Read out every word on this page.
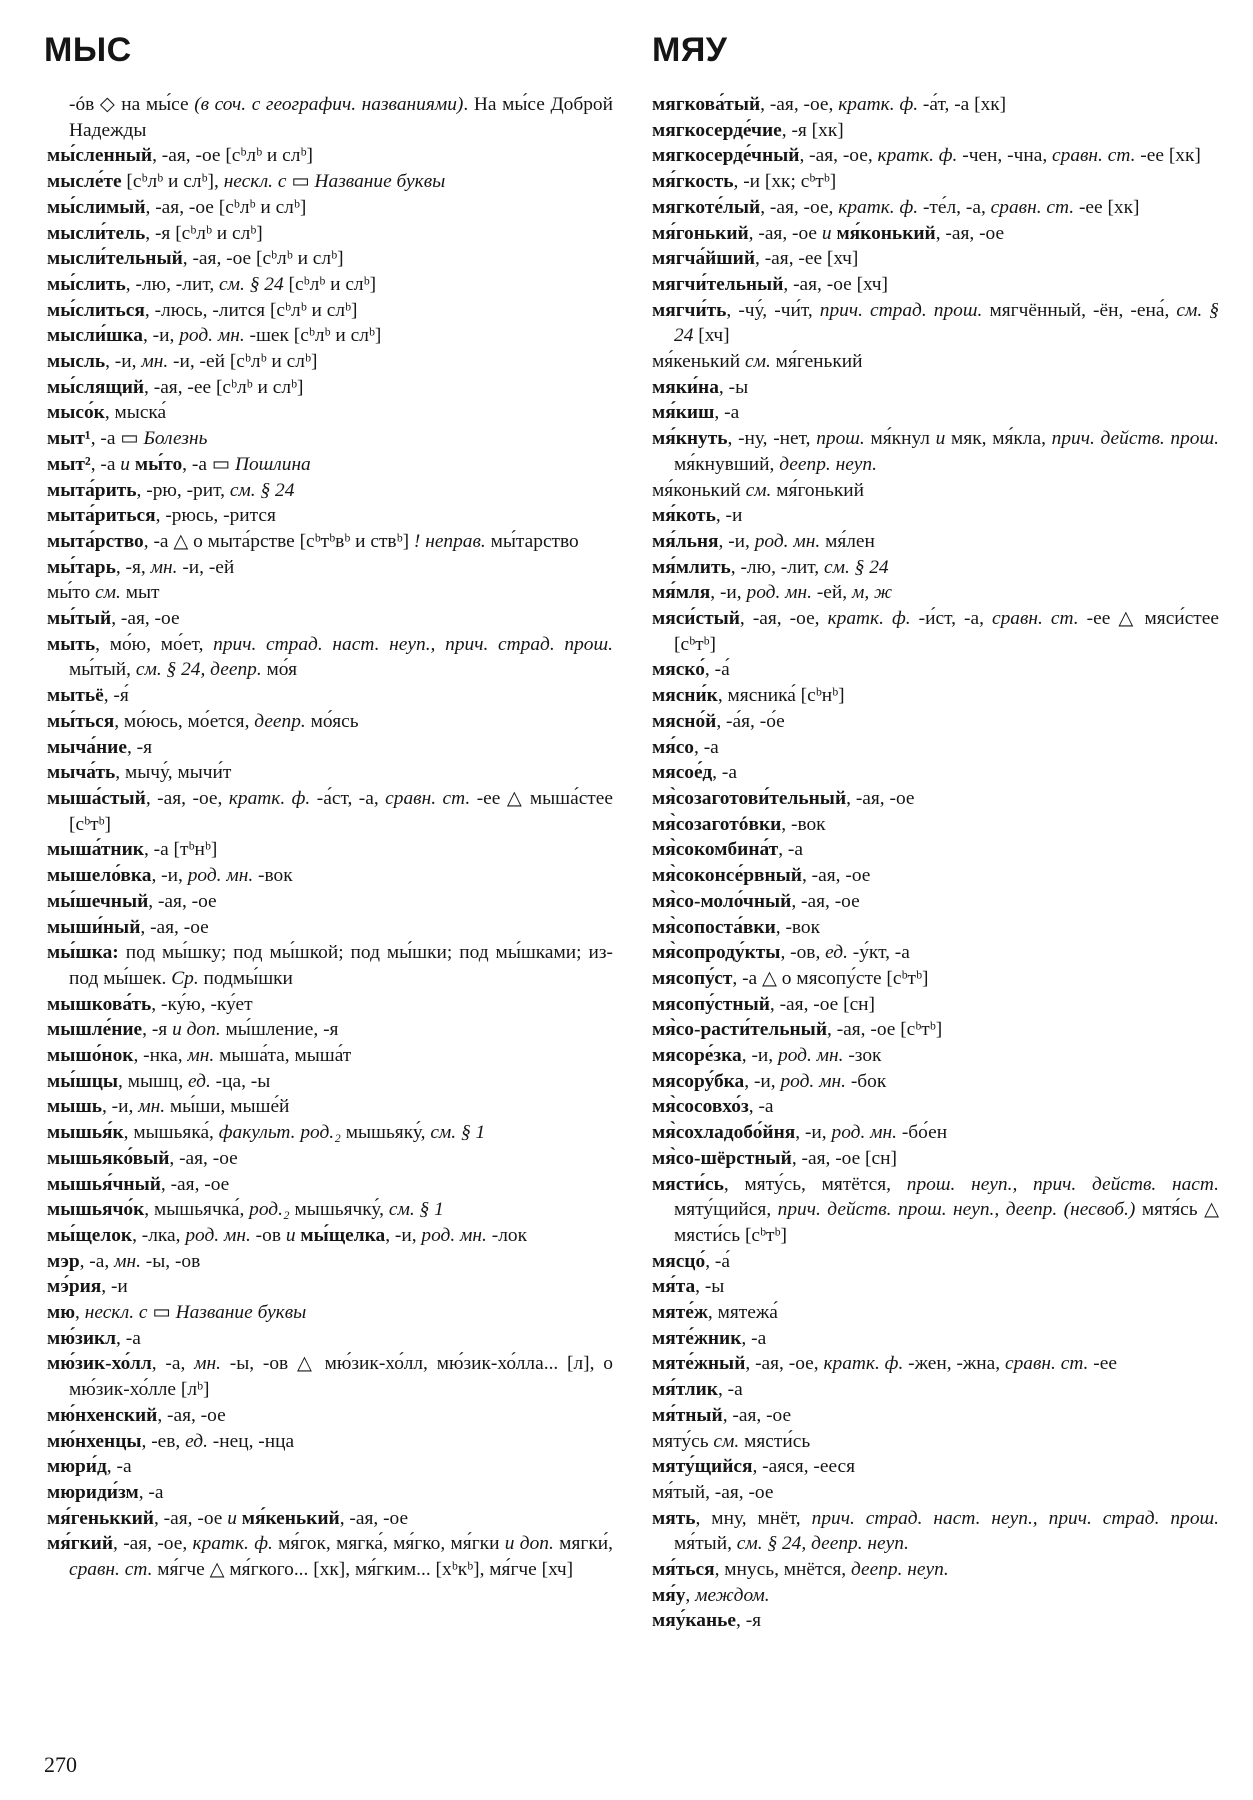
МЫС	МЯУ

-óв ◇ на мы́се (в соч. с географич. названиями). На мы́се Доброй Надежды

мы́сленный, -ая, -ое [сᵇлᵇ и слᵇ]

мысле́те [сᵇлᵇ и слᵇ], нескл. с ▭ Название буквы

мы́слимый, -ая, -ое [сᵇлᵇ и слᵇ]

мысли́тель, -я [сᵇлᵇ и слᵇ]

мысли́тельный, -ая, -ое [сᵇлᵇ и слᵇ]

мы́слить, -лю, -лит, см. § 24 [сᵇлᵇ и слᵇ]

мы́слиться, -люсь, -лится [сᵇлᵇ и слᵇ]

мысли́шка, -и, род. мн. -шек [сᵇлᵇ и слᵇ]

мысль, -и, мн. -и, -ей [сᵇлᵇ и слᵇ]

мы́слящий, -ая, -ее [сᵇлᵇ и слᵇ]

мысо́к, мыска́

мыт¹, -а ▭ Болезнь

мыт², -а и мы́то, -а ▭ Пошлина

мыта́рить, -рю, -рит, см. § 24

мыта́риться, -рюсь, -рится

мыта́рство, -а △ о мыта́рстве [сᵇтᵇвᵇ и ствᵇ] ! неправ. мы́тарство

мы́тарь, -я, мн. -и, -ей

мы́то см. мыт

мы́тый, -ая, -ое

мыть, мо́ю, мо́ет, прич. страд. наст. неуп., прич. страд. прош. мы́тый, см. § 24, деепр. мо́я

мытьё, -я́

мы́ться, мо́юсь, мо́ется, деепр. мо́ясь

мыча́ние, -я

мыча́ть, мычу́, мычи́т

мыша́стый, -ая, -ое, кратк. ф. -а́ст, -а, сравн. ст. -ее △ мыша́стее [сᵇтᵇ]

мыша́тник, -а [тᵇнᵇ]

мышело́вка, -и, род. мн. -вок

мы́шечный, -ая, -ое

мыши́ный, -ая, -ое

мы́шка: под мы́шку; под мы́шкой; под мы́шки; под мы́шками; из-под мы́шек. Ср. подмы́шки

мышкова́ть, -ку́ю, -ку́ет

мышле́ние, -я и доп. мы́шление, -я

мышо́нок, -нка, мн. мыша́та, мыша́т

мы́шцы, мышц, ед. -ца, -ы

мышь, -и, мн. мы́ши, мыше́й

мышья́к, мышьяка́, факульт. род.₂ мышьяку́, см. § 1

мышьяко́вый, -ая, -ое

мышья́чный, -ая, -ое

мышьячо́к, мышьячка́, род.₂ мышьячку́, см. § 1

мы́щелок, -лка, род. мн. -ов и мы́щелка, -и, род. мн. -лок

мэр, -а, мн. -ы, -ов

мэ́рия, -и

мю, нескл. с ▭ Название буквы

мю́зикл, -а

мю́зик-хо́лл, -а, мн. -ы, -ов △ мю́зик-хо́лл, мю́зик-хо́лла... [л], о мю́зик-хо́лле [лᵇ]

мю́нхенский, -ая, -ое

мю́нхенцы, -ев, ед. -нец, -нца

мюри́д, -а

мюриди́зм, -а

мя́геньккий, -ая, -ое и мя́кенький, -ая, -ое

мя́гкий, -ая, -ое, кратк. ф. мя́гок, мягка́, мя́гко, мя́гки и доп. мягки́, сравн. ст. мя́гче △ мя́гкого... [хк], мя́гким... [хᵇкᵇ], мя́гче [хч]

мягкова́тый, -ая, -ое, кратк. ф. -а́т, -а [хк]

мягкосерде́чие, -я [хк]

мягкосерде́чный, -ая, -ое, кратк. ф. -чен, -чна, сравн. ст. -ее [хк]

мя́гкость, -и [хк; сᵇтᵇ]

мягкоте́лый, -ая, -ое, кратк. ф. -те́л, -а, сравн. ст. -ее [хк]

мя́гонький, -ая, -ое и мя́конький, -ая, -ое

мягча́йший, -ая, -ее [хч]

мягчи́тельный, -ая, -ое [хч]

мягчи́ть, -чу́, -чи́т, прич. страд. прош. мягчённый, -ён, -ена́, см. § 24 [хч]

мя́кенький см. мя́генький

мяки́на, -ы

мя́киш, -а

мя́кнуть, -ну, -нет, прош. мя́кнул и мяк, мя́кла, прич. действ. прош. мя́кнувший, деепр. неуп.

мя́конький см. мя́гонький

мя́коть, -и

мя́льня, -и, род. мн. мя́лен

мя́млить, -лю, -лит, см. § 24

мя́мля, -и, род. мн. -ей, м, ж

мяси́стый, -ая, -ое, кратк. ф. -и́ст, -а, сравн. ст. -ее △ мяси́стее [сᵇтᵇ]

мяско́, -а́

мясни́к, мясника́ [сᵇнᵇ]

мясно́й, -а́я, -о́е

мя́со, -а

мясое́д, -а

мя̀созаготови́тельный, -ая, -ое

мя̀созаготóвки, -вок

мя̀сокомбина́т, -а

мя̀соконсе́рвный, -ая, -ое

мя̀со-моло́чный, -ая, -ое

мя̀сопоста́вки, -вок

мя̀сопроду́кты, -ов, ед. -у́кт, -а

мясопу́ст, -а △ о мясопу́сте [сᵇтᵇ]

мясопу́стный, -ая, -ое [сн]

мя̀со-расти́тельный, -ая, -ое [сᵇтᵇ]

мясоре́зка, -и, род. мн. -зок

мясору́бка, -и, род. мн. -бок

мя̀сосовхо́з, -а

мя̀сохладобо́йня, -и, род. мн. -бо́ен

мя̀со-шёрстный, -ая, -ое [сн]

мясти́сь, мяту́сь, мятётся, прош. неуп., прич. действ. наст. мяту́щийся, прич. действ. прош. неуп., деепр. (несвоб.) мятя́сь △ мясти́сь [сᵇтᵇ]

мясцо́, -а́

мя́та, -ы

мяте́ж, мятежа́

мяте́жник, -а

мяте́жный, -ая, -ое, кратк. ф. -жен, -жна, сравн. ст. -ее

мя́тлик, -а

мя́тный, -ая, -ое

мяту́сь см. мясти́сь

мяту́щийся, -аяся, -ееся

мя́тый, -ая, -ое

мять, мну, мнёт, прич. страд. наст. неуп., прич. страд. прош. мя́тый, см. § 24, деепр. неуп.

мя́ться, мнусь, мнётся, деепр. неуп.

мя́у, междом.

мяу́канье, -я

270
